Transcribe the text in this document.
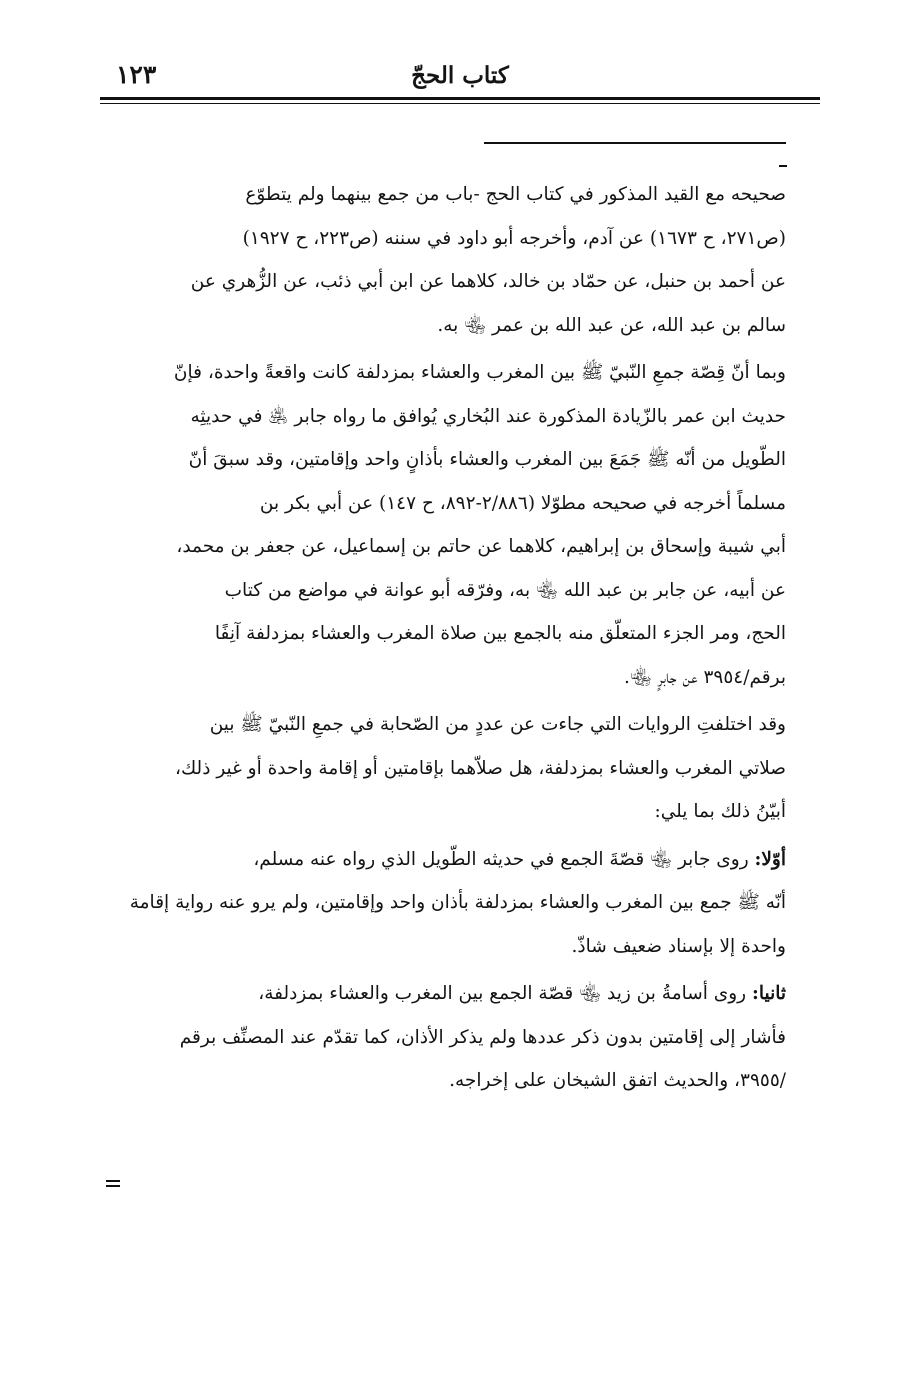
١٢٣	كتاب الحجّ
صحيحه مع القيد المذكور في كتاب الحج -باب من جمع بينهما ولم يتطوّع
(ص٢٧١، ح ١٦٧٣) عن آدم، وأخرجه أبو داود في سننه (ص٢٢٣، ح ١٩٢٧)
عن أحمد بن حنبل، عن حمّاد بن خالد، كلاهما عن ابن أبي ذئب، عن الزُّهري عن
سالم بن عبد الله، عن عبد الله بن عمر ﵄ به.
وبما أنّ قِصّة جمعِ النّبيّ ﷺ بين المغرب والعشاء بمزدلفة كانت واقعةً واحدة، فإنّ
حديث ابن عمر بالزّيادة المذكورة عند البُخاري يُوافق ما رواه جابر ﵁ في حديثِه
الطّويل من أنّه ﷺ جَمَعَ بين المغرب والعشاء بأذانٍ واحد وإقامتين، وقد سبقَ أنّ
مسلماً أخرجه في صحيحه مطوّلا (٢/٨٨٦-٨٩٢، ح ١٤٧) عن أبي بكر بن
أبي شيبة وإسحاق بن إبراهيم، كلاهما عن حاتم بن إسماعيل، عن جعفر بن محمد،
عن أبيه، عن جابر بن عبد الله ﵄ به، وفرّقه أبو عوانة في مواضع من كتاب
الحج، ومر الجزء المتعلّق منه بالجمع بين صلاة المغرب والعشاء بمزدلفة آنِفًا
برقم/٣٩٥٤ عن جابرٍ ﵄.
وقد اختلفتِ الروايات التي جاءت عن عددٍ من الصّحابة في جمعِ النّبيّ ﷺ بين
صلاتي المغرب والعشاء بمزدلفة، هل صلاّهما بإقامتين أو إقامة واحدة أو غير ذلك،
أبيّنُ ذلك بما يلي:
أوّلا: روى جابر ﵄ قصّةَ الجمع في حديثه الطّويل الذي رواه عنه مسلم،
أنّه ﷺ جمع بين المغرب والعشاء بمزدلفة بأذان واحد وإقامتين، ولم يرو عنه رواية إقامة
واحدة إلا بإسناد ضعيف شاذّ.
ثانيا: روى أسامةُ بن زيد ﵄ قصّة الجمع بين المغرب والعشاء بمزدلفة،
فأشار إلى إقامتين بدون ذكر عددها ولم يذكر الأذان، كما تقدّم عند المصنِّف برقم
/٣٩٥٥، والحديث اتفق الشيخان على إخراجه.
